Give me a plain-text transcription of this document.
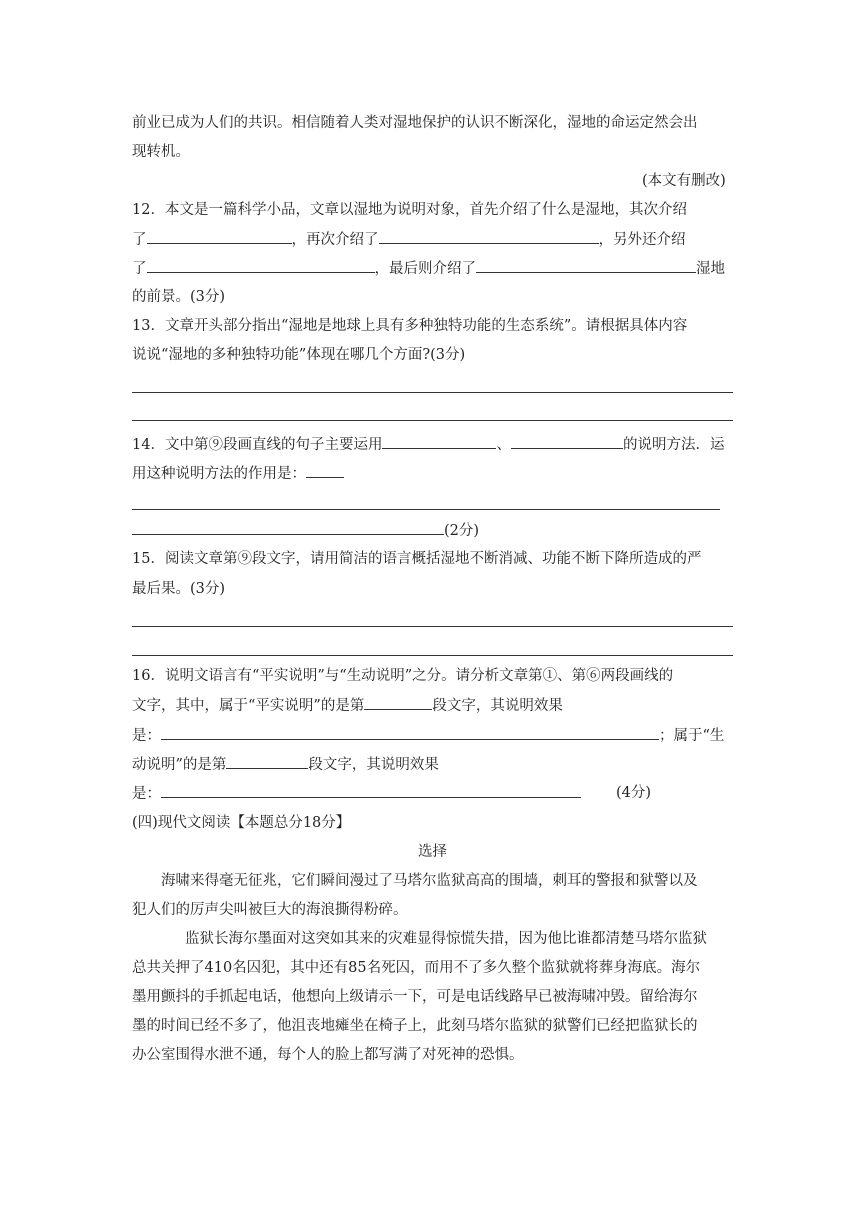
前业已成为人们的共识。相信随着人类对湿地保护的认识不断深化，湿地的命运定然会出
现转机。
(本文有删改)
12．本文是一篇科学小品，文章以湿地为说明对象，首先介绍了什么是湿地，其次介绍
了	，再次介绍了	，另外还介绍
了	，最后则介绍了	湿地
的前景。(3分)
13．文章开头部分指出“湿地是地球上具有多种独特功能的生态系统”。请根据具体内容
说说“湿地的多种独特功能”体现在哪几个方面?(3分)
14．文中第⑨段画直线的句子主要运用	、	的说明方法．运
用这种说明方法的作用是：
(2分)
15．阅读文章第⑨段文字，请用简洁的语言概括湿地不断消减、功能不断下降所造成的严
最后果。(3分)
16．说明文语言有“平实说明”与“生动说明”之分。请分析文章第①、第⑥两段画线的
文字，其中，属于“平实说明”的是第	段文字，其说明效果
是：	；属于“生
动说明”的是第	段文字，其说明效果
是：	(4分)
(四)现代文阅读【本题总分18分】
选择
海啸来得毫无征兆，它们瞬间漫过了马塔尔监狱高高的围墙，刺耳的警报和狱警以及
犯人们的厉声尖叫被巨大的海浪撕得粉碎。
监狱长海尔墨面对这突如其来的灾难显得惊慌失措，因为他比谁都清楚马塔尔监狱
总共关押了410名囚犯，其中还有85名死囚，而用不了多久整个监狱就将葬身海底。海尔
墨用颤抖的手抓起电话，他想向上级请示一下，可是电话线路早已被海啸冲毁。留给海尔
墨的时间已经不多了，他沮丧地瘫坐在椅子上，此刻马塔尔监狱的狱警们已经把监狱长的
办公室围得水泄不通，每个人的脸上都写满了对死神的恐惧。
